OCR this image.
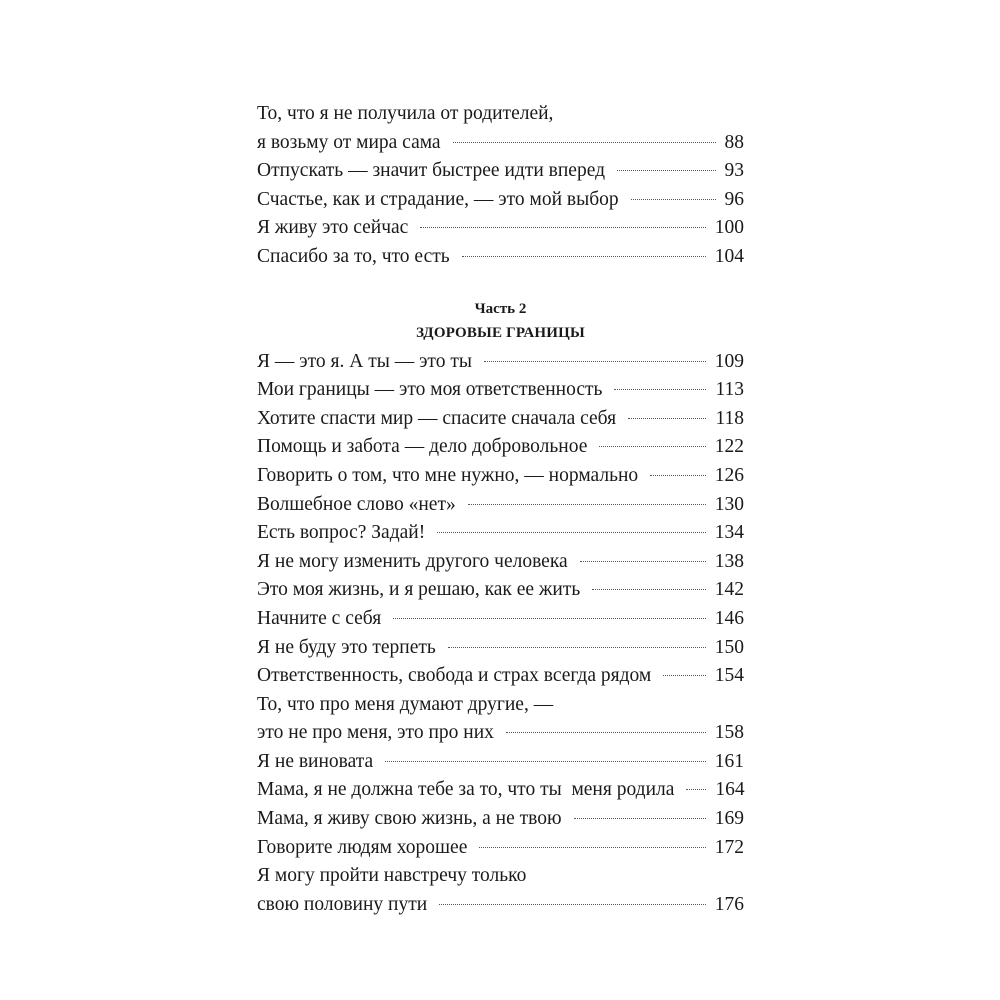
То, что я не получила от родителей,
я возьму от мира сама	88
Отпускать — значит быстрее идти вперед	93
Счастье, как и страдание, — это мой выбор	96
Я живу это сейчас	100
Спасибо за то, что есть	104
Часть 2
ЗДОРОВЫЕ ГРАНИЦЫ
Я — это я. А ты — это ты	109
Мои границы — это моя ответственность	113
Хотите спасти мир — спасите сначала себя	118
Помощь и забота — дело добровольное	122
Говорить о том, что мне нужно, — нормально	126
Волшебное слово «нет»	130
Есть вопрос? Задай!	134
Я не могу изменить другого человека	138
Это моя жизнь, и я решаю, как ее жить	142
Начните с себя	146
Я не буду это терпеть	150
Ответственность, свобода и страх всегда рядом	154
То, что про меня думают другие, —
это не про меня, это про них	158
Я не виновата	161
Мама, я не должна тебе за то, что ты  меня родила 164
Мама, я живу свою жизнь, а не твою	169
Говорите людям хорошее	172
Я могу пройти навстречу только
свою половину пути	176
